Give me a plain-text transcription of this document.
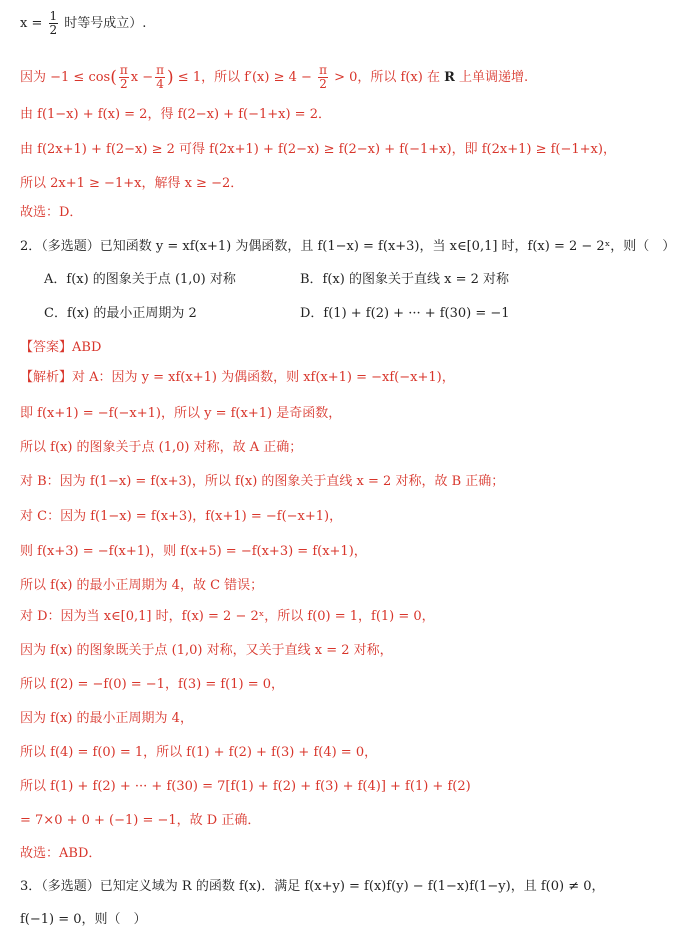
$x = \frac{1}{2}$ 时等号成立）.
因为 $-1 \le \cos( \frac{\pi}{2}$ $x - \frac{\pi}{4}$ ) ≤ 1，所以 $f'(x) \ge 4 - \frac{\pi}{2} > 0$，所以 f(x) 在 R 上单调递增.
由 f(1−x) + f(x) = 2，得 f(2−x) + f(−1+x) = 2．
由 f(2x+1) + f(2−x) ≥ 2 可得 f(2x+1) + f(2−x) ≥ f(2−x) + f(−1+x)，即 f(2x+1) ≥ f(−1+x)，
所以 2x+1 ≥ −1+x，解得 x ≥ −2．
故选：D．
2．（多选题）已知函数 y = xf(x+1) 为偶函数，且 f(1−x) = f(x+3)，当 x∈[0,1] 时，f(x) = 2 − 2ˣ，则（　）
A．f(x) 的图象关于点 (1,0) 对称	B．f(x) 的图象关于直线 x = 2 对称
C．f(x) 的最小正周期为 2	D．f(1) + f(2) + ··· + f(30) = −1
【答案】ABD
【解析】对 A：因为 y = xf(x+1) 为偶函数，则 xf(x+1) = −xf(−x+1)，
即 f(x+1) = −f(−x+1)，所以 y = f(x+1) 是奇函数，
所以 f(x) 的图象关于点 (1,0) 对称，故 A 正确；
对 B：因为 f(1−x) = f(x+3)，所以 f(x) 的图象关于直线 x = 2 对称，故 B 正确；
对 C：因为 f(1−x) = f(x+3)，f(x+1) = −f(−x+1)，
则 f(x+3) = −f(x+1)，则 f(x+5) = −f(x+3) = f(x+1)，
所以 f(x) 的最小正周期为 4，故 C 错误；
对 D：因为当 x∈[0,1] 时，f(x) = 2 − 2ˣ，所以 f(0) = 1，f(1) = 0，
因为 f(x) 的图象既关于点 (1,0) 对称，又关于直线 x = 2 对称，
所以 f(2) = −f(0) = −1，f(3) = f(1) = 0，
因为 f(x) 的最小正周期为 4，
所以 f(4) = f(0) = 1，所以 f(1) + f(2) + f(3) + f(4) = 0，
所以 f(1) + f(2) + ··· + f(30) = 7[f(1) + f(2) + f(3) + f(4)] + f(1) + f(2)
= 7×0 + 0 + (−1) = −1，故 D 正确．
故选：ABD．
3．（多选题）已知定义域为 R 的函数 f(x)．满足 f(x+y) = f(x)f(y) − f(1−x)f(1−y)，且 f(0) ≠ 0，
f(−1) = 0，则（　）
